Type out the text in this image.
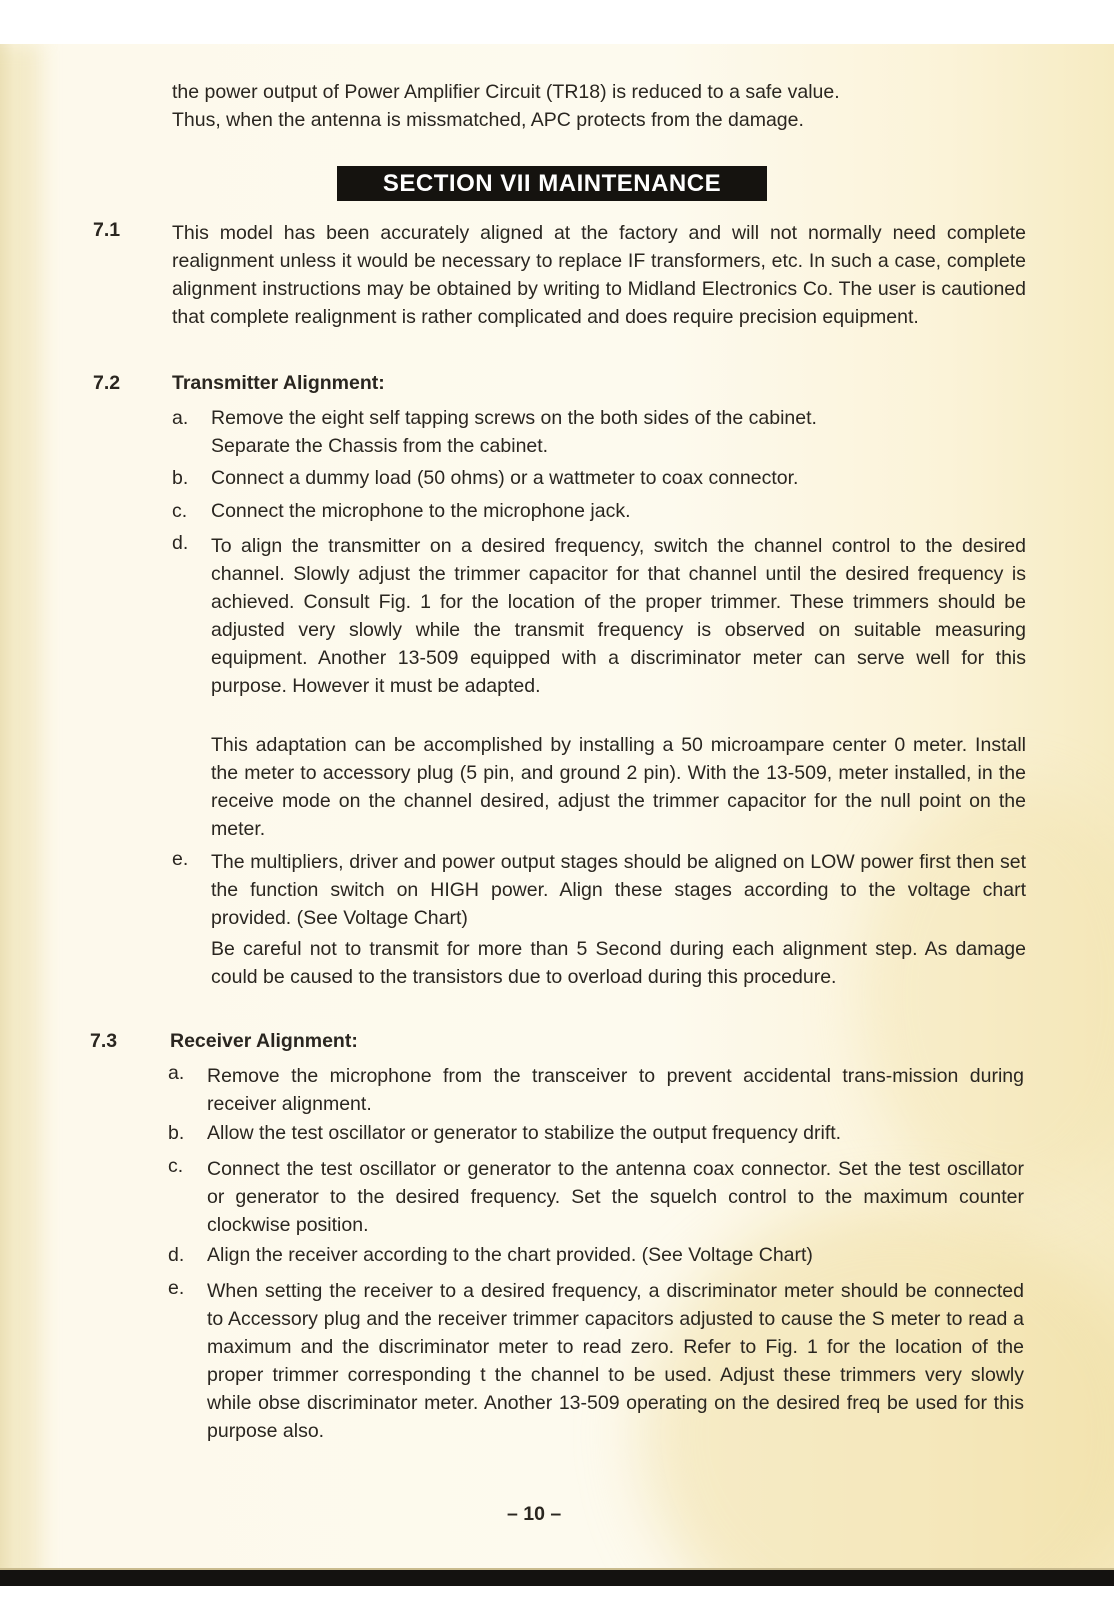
the power output of Power Amplifier Circuit (TR18) is reduced to a safe value.
Thus, when the antenna is missmatched, APC protects from the damage.
SECTION VII MAINTENANCE
7.1	This model has been accurately aligned at the factory and will not normally need complete realignment unless it would be necessary to replace IF transformers, etc. In such a case, complete alignment instructions may be obtained by writing to Midland Electronics Co. The user is cautioned that complete realignment is rather complicated and does require precision equipment.

7.2	Transmitter Alignment:
a. Remove the eight self tapping screws on the both sides of the cabinet.
Separate the Chassis from the cabinet.
b. Connect a dummy load (50 ohms) or a wattmeter to coax connector.
c. Connect the microphone to the microphone jack.
d. To align the transmitter on a desired frequency, switch the channel control to the desired channel. Slowly adjust the trimmer capacitor for that channel until the desired frequency is achieved. Consult Fig. 1 for the location of the proper trimmer. These trimmers should be adjusted very slowly while the transmit frequency is observed on suitable measuring equipment. Another 13-509 equipped with a discriminator meter can serve well for this purpose. However it must be adapted.

This adaptation can be accomplished by installing a 50 microampare center 0 meter. Install the meter to accessory plug (5 pin, and ground 2 pin). With the 13-509, meter installed, in the receive mode on the channel desired, adjust the trimmer capacitor for the null point on the meter.

e. The multipliers, driver and power output stages should be aligned on LOW power first then set the function switch on HIGH power. Align these stages according to the voltage chart provided. (See Voltage Chart)

Be careful not to transmit for more than 5 Second during each alignment step. As damage could be caused to the transistors due to overload during this procedure.

7.3	Receiver Alignment:
a. Remove the microphone from the transceiver to prevent accidental trans-mission during receiver alignment.

b. Allow the test oscillator or generator to stabilize the output frequency drift.
c. Connect the test oscillator or generator to the antenna coax connector. Set the test oscillator or generator to the desired frequency. Set the squelch control to the maximum counter clockwise position.

d. Align the receiver according to the chart provided. (See Voltage Chart)
e. When setting the receiver to a desired frequency, a discriminator meter should be connected to Accessory plug and the receiver trimmer capacitors adjusted to cause the S meter to read a maximum and the discriminator meter to read zero. Refer to Fig. 1 for the location of the proper trimmer corresponding t the channel to be used. Adjust these trimmers very slowly while obse discriminator meter. Another 13-509 operating on the desired freq be used for this purpose also.

– 10 –
